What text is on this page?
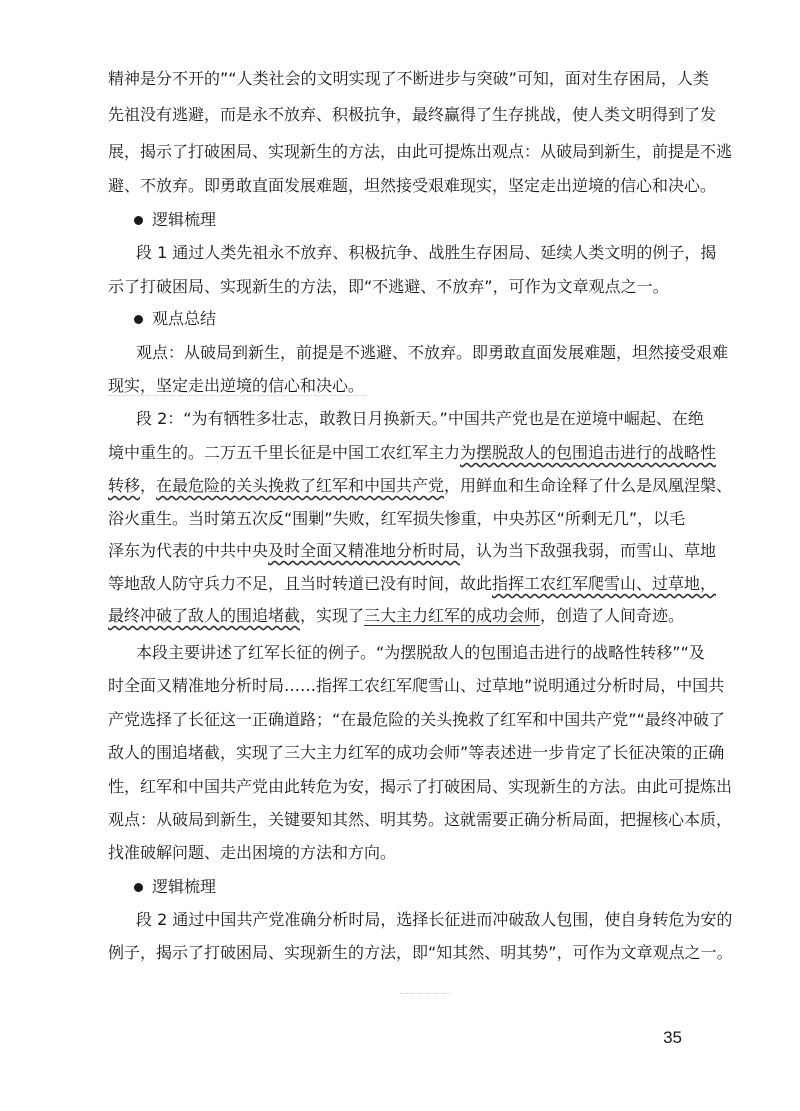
精神是分不开的”“人类社会的文明实现了不断进步与突破”可知，面对生存困局，人类
先祖没有逃避，而是永不放弃、积极抗争，最终赢得了生存挑战，使人类文明得到了发
展，揭示了打破困局、实现新生的方法，由此可提炼出观点：从破局到新生，前提是不逃
避、不放弃。即勇敢直面发展难题，坦然接受艰难现实，坚定走出逆境的信心和决心。
逻辑梳理
段 1 通过人类先祖永不放弃、积极抗争、战胜生存困局、延续人类文明的例子，揭
示了打破困局、实现新生的方法，即“不逃避、不放弃”，可作为文章观点之一。
观点总结
观点：从破局到新生，前提是不逃避、不放弃。即勇敢直面发展难题，坦然接受艰难
现实，坚定走出逆境的信心和决心。
段 2：“为有牺牲多壮志，敢教日月换新天。”中国共产党也是在逆境中崛起、在绝
境中重生的。二万五千里长征是中国工农红军主力为摆脱敌人的包围追击进行的战略性
转移，在最危险的关头挽救了红军和中国共产党，用鲜血和生命诠释了什么是凤凰涅槃、
浴火重生。当时第五次反“围剿”失败，红军损失惨重，中央苏区“所剩无几”，以毛
泽东为代表的中共中央及时全面又精准地分析时局，认为当下敌强我弱，而雪山、草地
等地敌人防守兵力不足，且当时转道已没有时间，故此指挥工农红军爬雪山、过草地，
最终冲破了敌人的围追堵截，实现了三大主力红军的成功会师，创造了人间奇迹。
本段主要讲述了红军长征的例子。“为摆脱敌人的包围追击进行的战略性转移”“及
时全面又精准地分析时局……指挥工农红军爬雪山、过草地”说明通过分析时局，中国共
产党选择了长征这一正确道路；“在最危险的关头挽救了红军和中国共产党”“最终冲破了
敌人的围追堵截，实现了三大主力红军的成功会师”等表述进一步肯定了长征决策的正确
性，红军和中国共产党由此转危为安，揭示了打破困局、实现新生的方法。由此可提炼出
观点：从破局到新生，关键要知其然、明其势。这就需要正确分析局面，把握核心本质，
找准破解问题、走出困境的方法和方向。
逻辑梳理
段 2 通过中国共产党准确分析时局，选择长征进而冲破敌人包围，使自身转危为安的
例子，揭示了打破困局、实现新生的方法，即“知其然、明其势”，可作为文章观点之一。
35
